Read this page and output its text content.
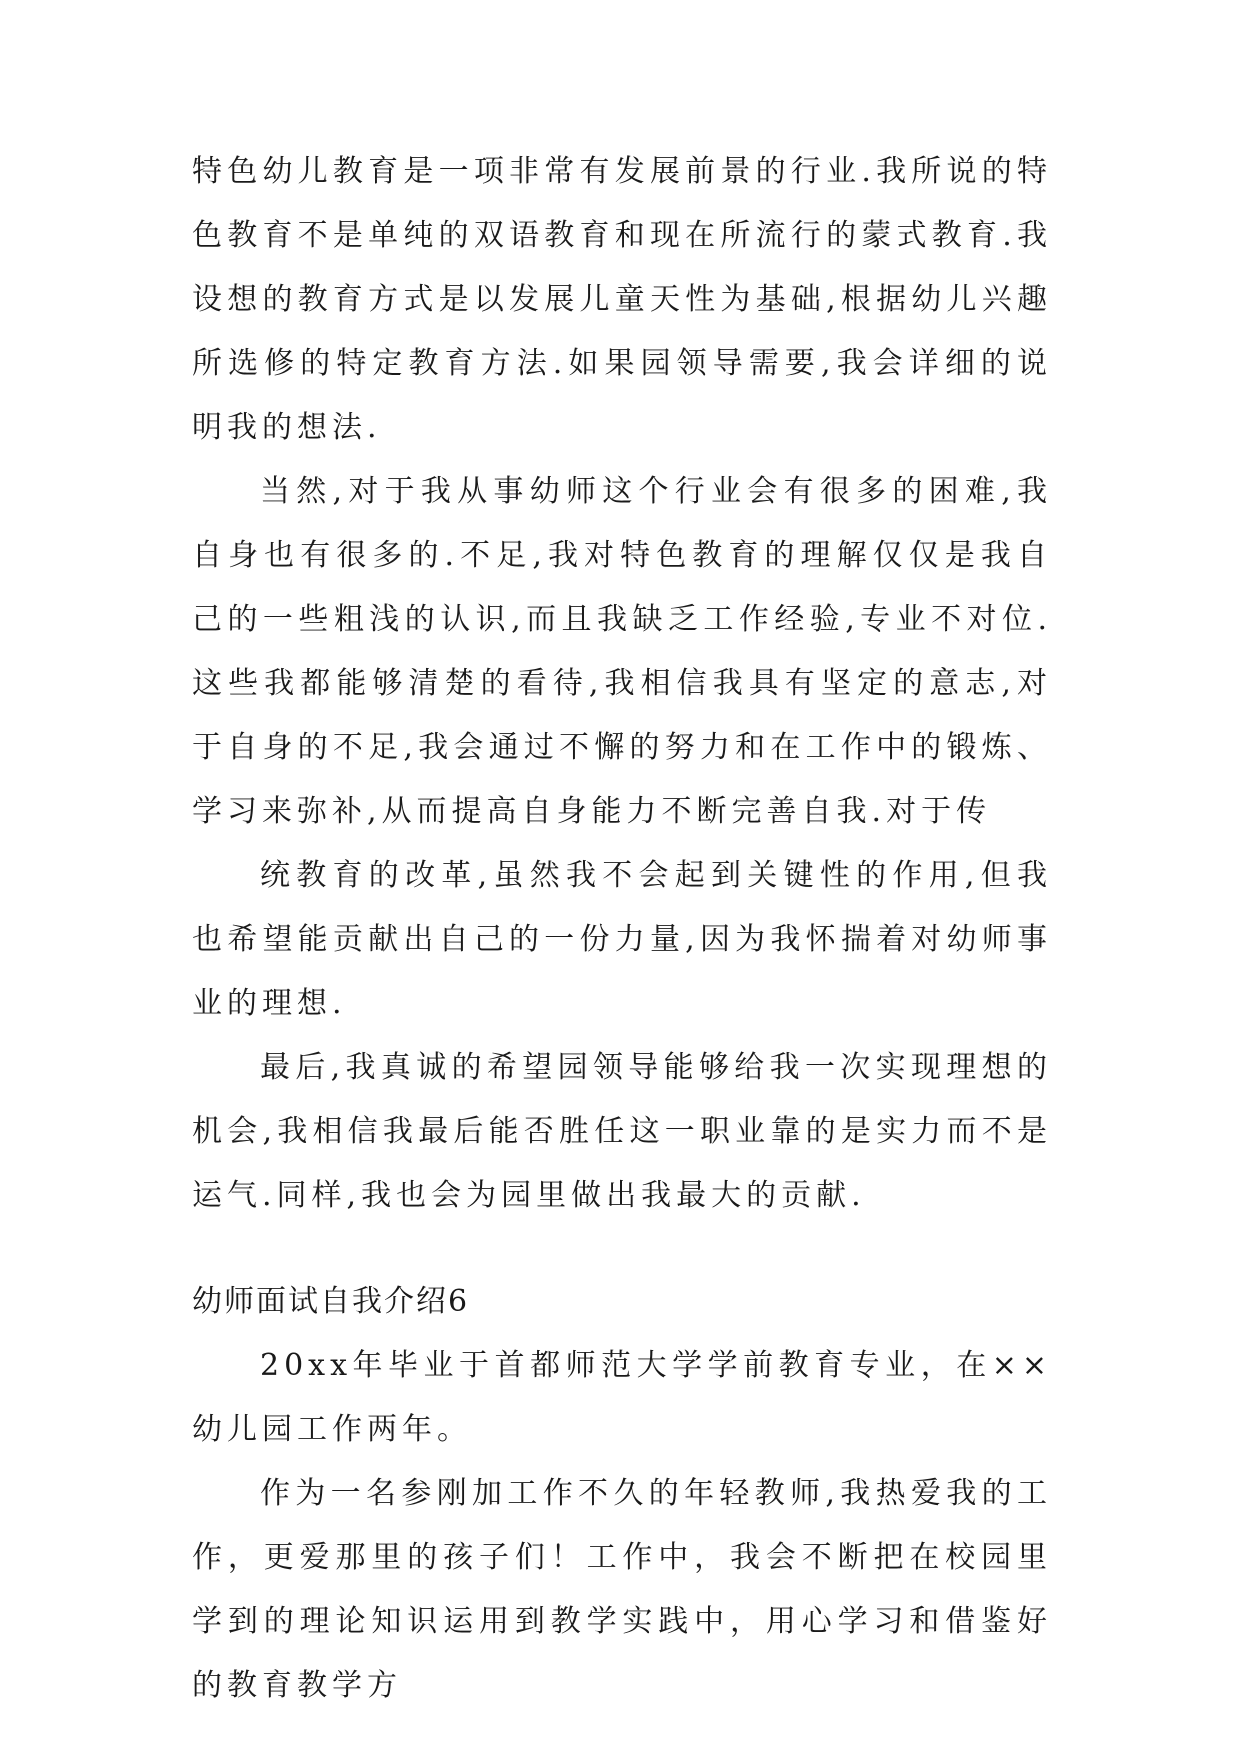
特色幼儿教育是一项非常有发展前景的行业.我所说的特色教育不是单纯的双语教育和现在所流行的蒙式教育.我设想的教育方式是以发展儿童天性为基础,根据幼儿兴趣所选修的特定教育方法.如果园领导需要,我会详细的说明我的想法.

当然,对于我从事幼师这个行业会有很多的困难,我自身也有很多的.不足,我对特色教育的理解仅仅是我自己的一些粗浅的认识,而且我缺乏工作经验,专业不对位.这些我都能够清楚的看待,我相信我具有坚定的意志,对于自身的不足,我会通过不懈的努力和在工作中的锻炼、学习来弥补,从而提高自身能力不断完善自我.对于传

统教育的改革,虽然我不会起到关键性的作用,但我也希望能贡献出自己的一份力量,因为我怀揣着对幼师事业的理想.

最后,我真诚的希望园领导能够给我一次实现理想的机会,我相信我最后能否胜任这一职业靠的是实力而不是运气.同样,我也会为园里做出我最大的贡献.

幼师面试自我介绍6

20xx年毕业于首都师范大学学前教育专业，在××幼儿园工作两年。

作为一名参刚加工作不久的年轻教师,我热爱我的工作，更爱那里的孩子们！工作中，我会不断把在校园里学到的理论知识运用到教学实践中，用心学习和借鉴好的教育教学方
